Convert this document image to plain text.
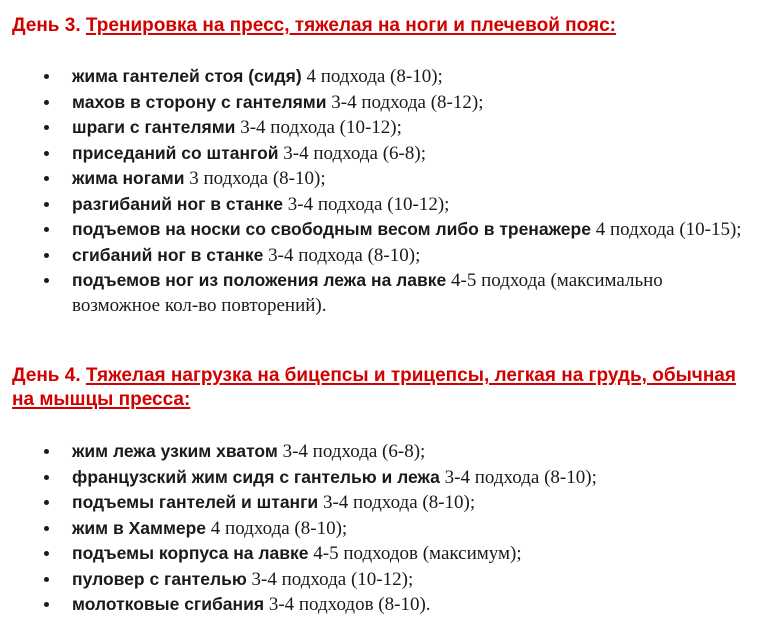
День 3. Тренировка на пресс, тяжелая на ноги и плечевой пояс:
жима гантелей стоя (сидя) 4 подхода (8-10);
махов в сторону с гантелями 3-4 подхода (8-12);
шраги с гантелями 3-4 подхода (10-12);
приседаний со штангой 3-4 подхода (6-8);
жима ногами 3 подхода (8-10);
разгибаний ног в станке 3-4 подхода (10-12);
подъемов на носки со свободным весом либо в тренажере 4 подхода (10-15);
сгибаний ног в станке 3-4 подхода (8-10);
подъемов ног из положения лежа на лавке 4-5 подхода (максимально возможное кол-во повторений).
День 4. Тяжелая нагрузка на бицепсы и трицепсы, легкая на грудь, обычная на мышцы пресса:
жим лежа узким хватом 3-4 подхода (6-8);
французский жим сидя с гантелью и лежа 3-4 подхода (8-10);
подъемы гантелей и штанги 3-4 подхода (8-10);
жим в Хаммере 4 подхода (8-10);
подъемы корпуса на лавке 4-5 подходов (максимум);
пуловер с гантелью 3-4 подхода (10-12);
молотковые сгибания 3-4 подходов (8-10).
